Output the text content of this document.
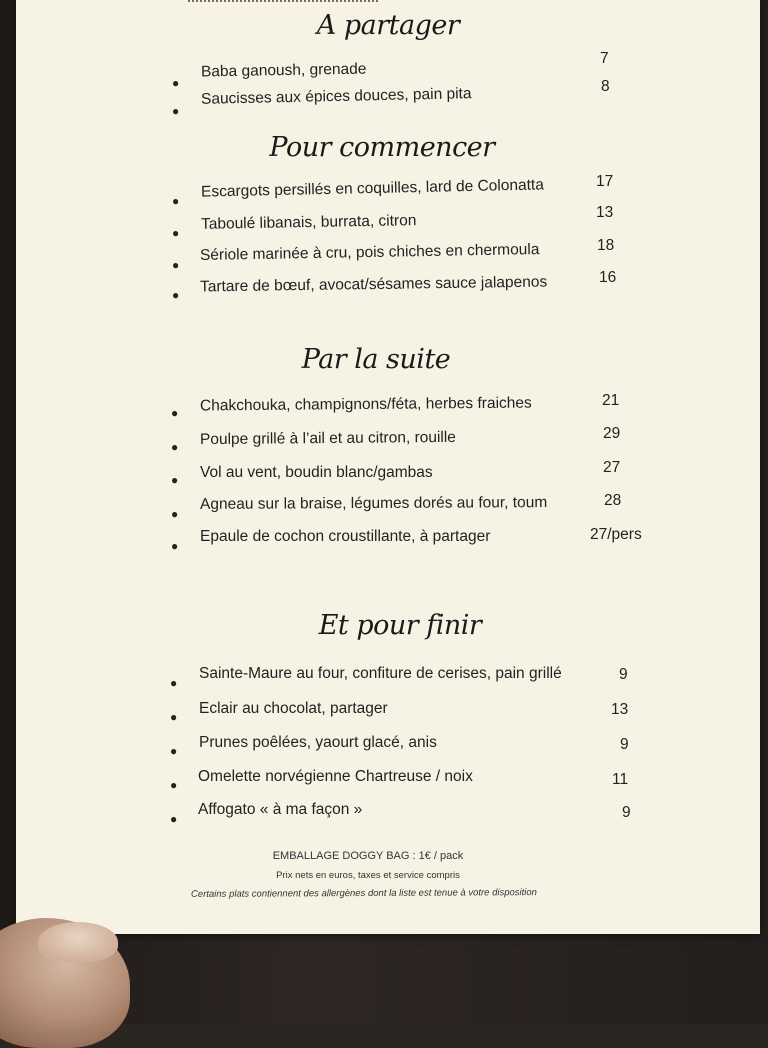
A partager
●
Baba ganoush, grenade
7
●
Saucisses aux épices douces, pain pita	8
Pour commencer
●
Escargots persillés en coquilles, lard de Colonatta	17
●
Taboulé libanais, burrata, citron	13
●
Sériole marinée à cru, pois chiches en chermoula	18
● Tartare de bœuf, avocat/sésames sauce jalapenos	16
Par la suite
● Chakchouka, champignons/féta, herbes fraiches	21
● Poulpe grillé à l’ail et au citron, rouille	29
● Vol au vent, boudin blanc/gambas	27
●
Agneau sur la braise, légumes dorés au four, toum	28
●
Epaule de cochon croustillante, à partager	27/pers
Et pour finir
●
Sainte-Maure au four, confiture de cerises, pain grillé	9
● Eclair au chocolat, partager	13
● Prunes poêlées, yaourt glacé, anis	9
● Omelette norvégienne Chartreuse / noix	11
●
Affogato « à ma façon »	9
EMBALLAGE DOGGY BAG : 1€ / pack
Prix nets en euros, taxes et service compris
Certains plats contiennent des allergènes dont la liste est tenue à votre disposition
